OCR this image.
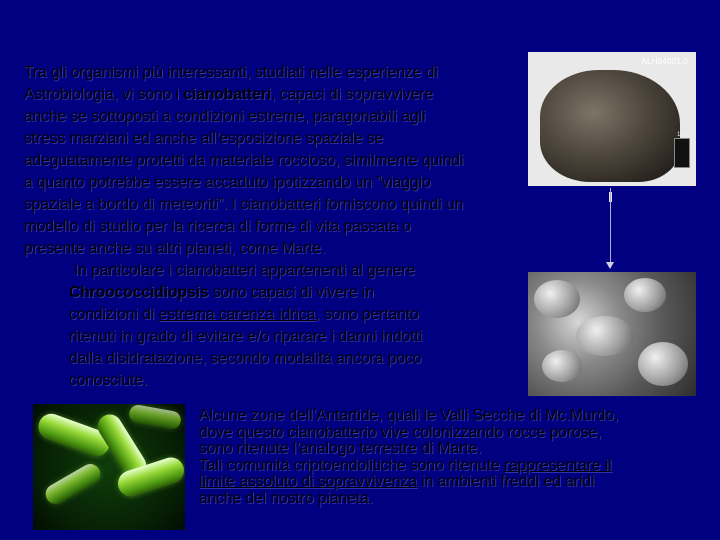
Tra gli organismi più interessanti, studiati nelle esperienze di
Astrobiologia, vi sono i cianobatteri, capaci di sopravvivere
anche se sottoposti a condizioni estreme, paragonabili agli
stress marziani ed anche all’esposizione spaziale se
adeguatamente protetti da materiale roccioso, similmente quindi
a quanto potrebbe essere accaduto ipotizzando un ”viaggio
spaziale a bordo di meteoriti”. I cianobatteri forniscono quindi un
modello di studio per la ricerca di forme di vita passata o
presente anche su altri pianeti, come Marte.
In particolare i cianobatteri appartenenti al genere
Chroococcidiopsis sono capaci di vivere in
condizioni di estrema carenza idrica, sono pertanto
ritenuti in grado di evitare e/o riparare i danni indotti
dalla disidratazione, secondo modalità ancora poco
conosciute.
Alcune zone dell’Antartide, quali le Valli Secche di Mc.Murdo,
dove questo cianobatterio vive colonizzando rocce porose,
sono ritenute l’analogo terrestre di Marte.
Tali comunità criptoendolitiche sono ritenute rappresentare il
limite assoluto di sopravvivenza in ambienti freddi ed aridi
anche del nostro pianeta.
ALH84001,0
1 cm
